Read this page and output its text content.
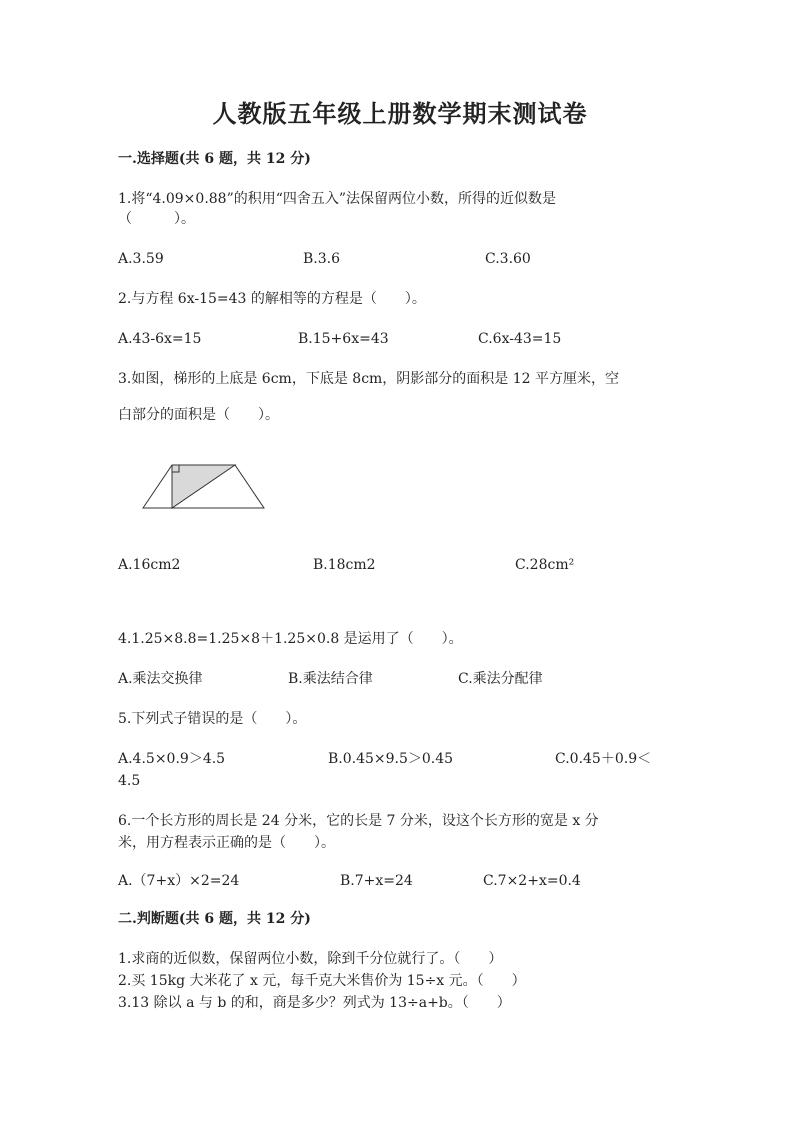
人教版五年级上册数学期末测试卷
一.选择题(共 6 题，共 12 分)
1.将“4.09×0.88”的积用“四舍五入”法保留两位小数，所得的近似数是
（　　　）。
A.3.59	B.3.6	C.3.60
2.与方程 6x-15=43 的解相等的方程是（　　）。
A.43-6x=15	B.15+6x=43	C.6x-43=15
3.如图，梯形的上底是 6cm，下底是 8cm，阴影部分的面积是 12 平方厘米，空
白部分的面积是（　　）。
A.16cm2	B.18cm2	C.28cm²
4.1.25×8.8=1.25×8＋1.25×0.8 是运用了（　　）。
A.乘法交换律	B.乘法结合律	C.乘法分配律
5.下列式子错误的是（　　）。
A.4.5×0.9＞4.5	B.0.45×9.5＞0.45	C.0.45＋0.9＜
4.5
6.一个长方形的周长是 24 分米，它的长是 7 分米，设这个长方形的宽是 x 分
米，用方程表示正确的是（　　）。
A.（7+x）×2=24	B.7+x=24	C.7×2+x=0.4
二.判断题(共 6 题，共 12 分)
1.求商的近似数，保留两位小数，除到千分位就行了。（　　）
2.买 15kg 大米花了 x 元，每千克大米售价为 15÷x 元。（　　）
3.13 除以 a 与 b 的和，商是多少？列式为 13÷a+b。（　　）
